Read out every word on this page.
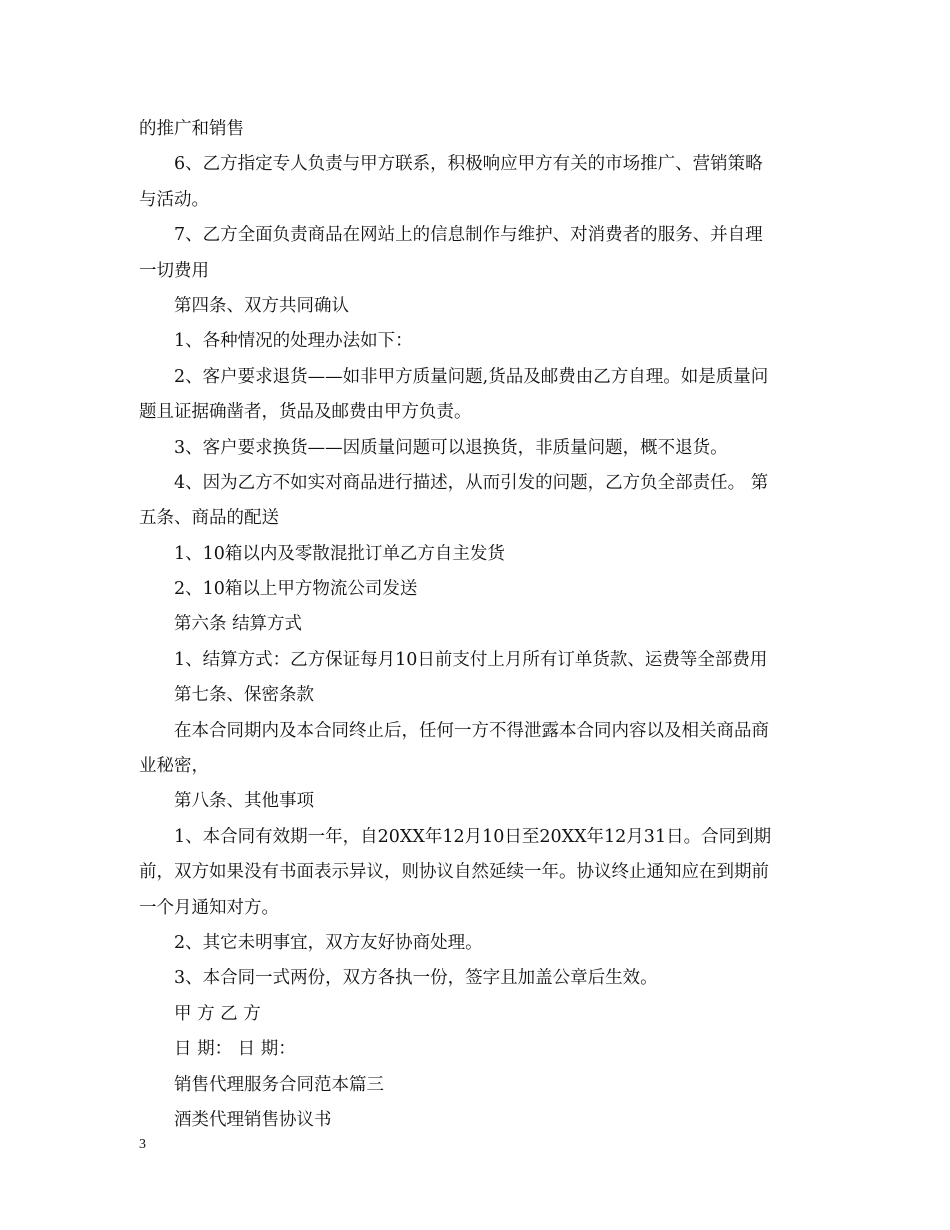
的推广和销售
6、乙方指定专人负责与甲方联系，积极响应甲方有关的市场推广、营销策略
与活动。
7、乙方全面负责商品在网站上的信息制作与维护、对消费者的服务、并自理
一切费用
第四条、双方共同确认
1、各种情况的处理办法如下：
2、客户要求退货——如非甲方质量问题,货品及邮费由乙方自理。如是质量问
题且证据确凿者，货品及邮费由甲方负责。
3、客户要求换货——因质量问题可以退换货，非质量问题，概不退货。
4、因为乙方不如实对商品进行描述，从而引发的问题，乙方负全部责任。 第
五条、商品的配送
1、10箱以内及零散混批订单乙方自主发货
2、10箱以上甲方物流公司发送
第六条 结算方式
1、结算方式：乙方保证每月10日前支付上月所有订单货款、运费等全部费用
第七条、保密条款
在本合同期内及本合同终止后，任何一方不得泄露本合同内容以及相关商品商
业秘密，
第八条、其他事项
1、本合同有效期一年，自20XX年12月10日至20XX年12月31日。合同到期
前，双方如果没有书面表示异议，则协议自然延续一年。协议终止通知应在到期前
一个月通知对方。
2、其它未明事宜，双方友好协商处理。
3、本合同一式两份，双方各执一份，签字且加盖公章后生效。
甲 方 乙 方
日 期： 日 期：
销售代理服务合同范本篇三
酒类代理销售协议书
3
